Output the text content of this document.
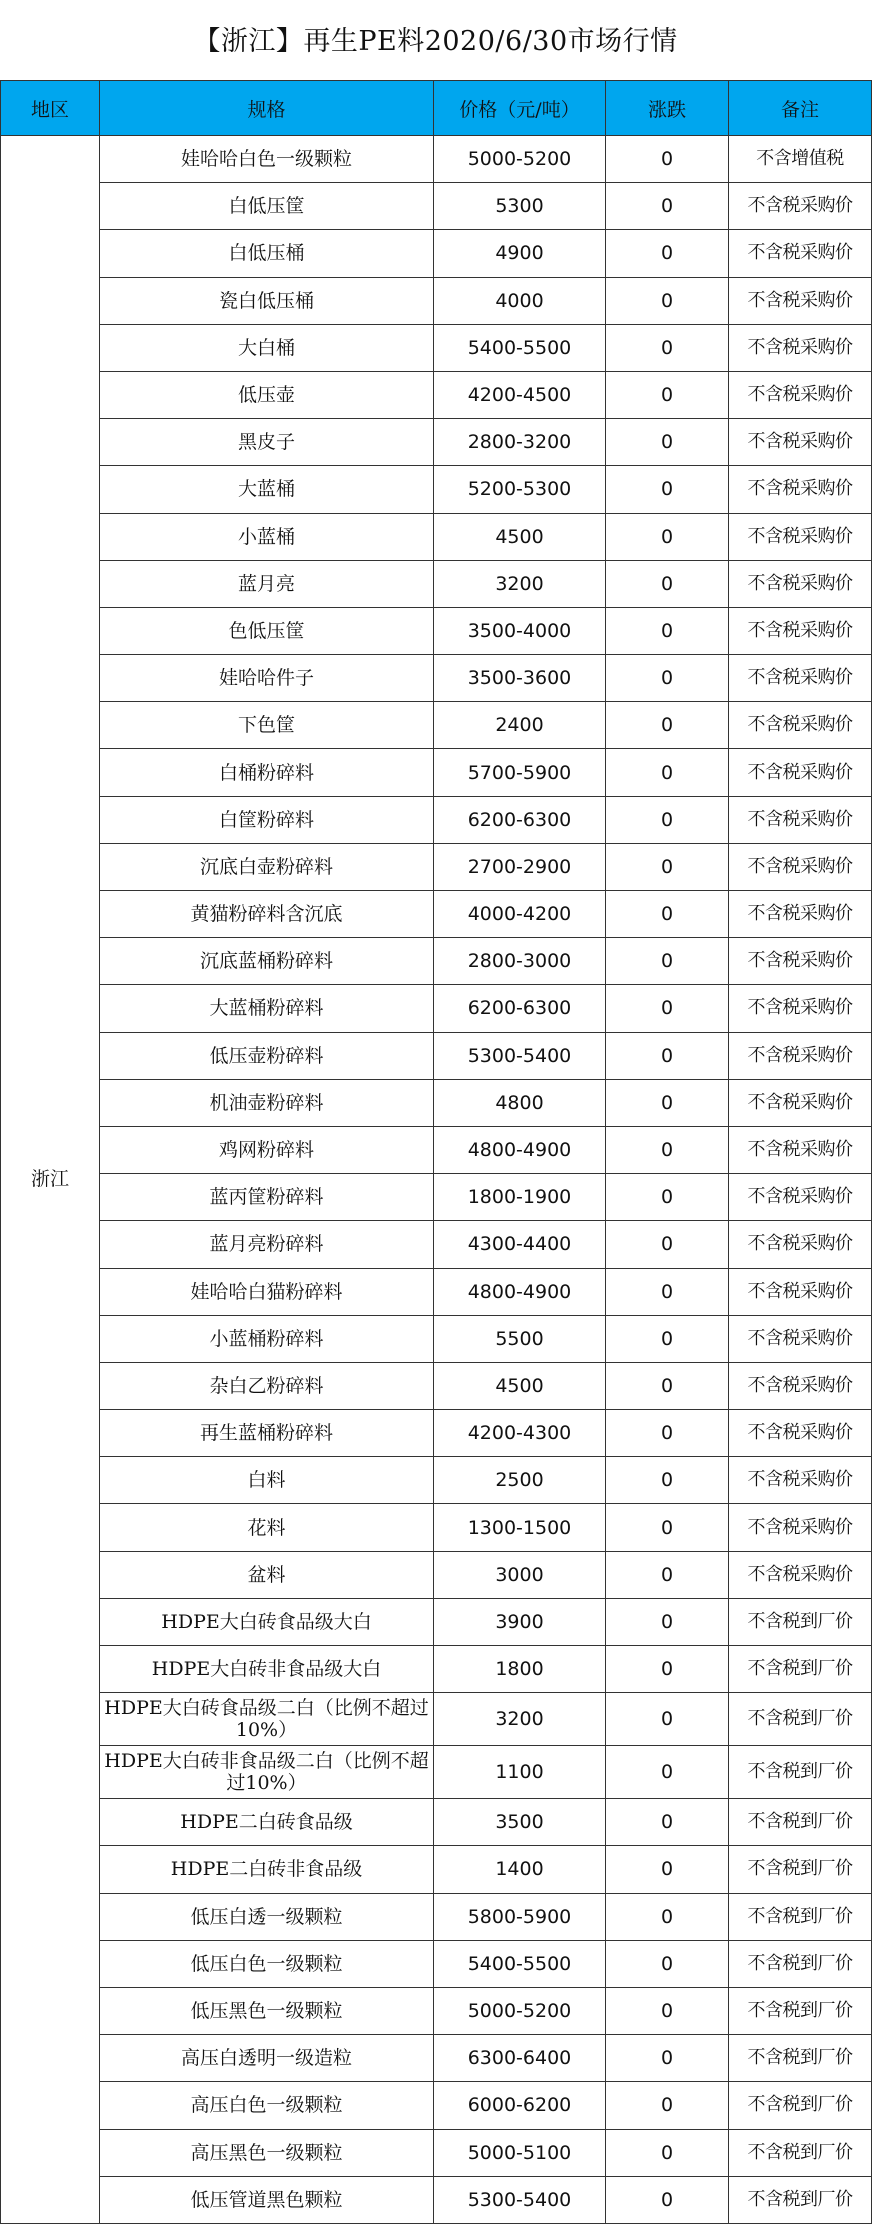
【浙江】再生PE料2020/6/30市场行情
地区	规格	价格（元/吨）	涨跌	备注
浙江	娃哈哈白色一级颗粒	5000-5200	0	不含增值税
	白低压筐	5300	0	不含税采购价
	白低压桶	4900	0	不含税采购价
	瓷白低压桶	4000	0	不含税采购价
	大白桶	5400-5500	0	不含税采购价
	低压壶	4200-4500	0	不含税采购价
	黑皮子	2800-3200	0	不含税采购价
	大蓝桶	5200-5300	0	不含税采购价
	小蓝桶	4500	0	不含税采购价
	蓝月亮	3200	0	不含税采购价
	色低压筐	3500-4000	0	不含税采购价
	娃哈哈件子	3500-3600	0	不含税采购价
	下色筐	2400	0	不含税采购价
	白桶粉碎料	5700-5900	0	不含税采购价
	白筐粉碎料	6200-6300	0	不含税采购价
	沉底白壶粉碎料	2700-2900	0	不含税采购价
	黄猫粉碎料含沉底	4000-4200	0	不含税采购价
	沉底蓝桶粉碎料	2800-3000	0	不含税采购价
	大蓝桶粉碎料	6200-6300	0	不含税采购价
	低压壶粉碎料	5300-5400	0	不含税采购价
	机油壶粉碎料	4800	0	不含税采购价
	鸡网粉碎料	4800-4900	0	不含税采购价
	蓝丙筐粉碎料	1800-1900	0	不含税采购价
	蓝月亮粉碎料	4300-4400	0	不含税采购价
	娃哈哈白猫粉碎料	4800-4900	0	不含税采购价
	小蓝桶粉碎料	5500	0	不含税采购价
	杂白乙粉碎料	4500	0	不含税采购价
	再生蓝桶粉碎料	4200-4300	0	不含税采购价
	白料	2500	0	不含税采购价
	花料	1300-1500	0	不含税采购价
	盆料	3000	0	不含税采购价
	HDPE大白砖食品级大白	3900	0	不含税到厂价
	HDPE大白砖非食品级大白	1800	0	不含税到厂价
	HDPE大白砖食品级二白（比例不超过10%）	3200	0	不含税到厂价
	HDPE大白砖非食品级二白（比例不超过10%）	1100	0	不含税到厂价
	HDPE二白砖食品级	3500	0	不含税到厂价
	HDPE二白砖非食品级	1400	0	不含税到厂价
	低压白透一级颗粒	5800-5900	0	不含税到厂价
	低压白色一级颗粒	5400-5500	0	不含税到厂价
	低压黑色一级颗粒	5000-5200	0	不含税到厂价
	高压白透明一级造粒	6300-6400	0	不含税到厂价
	高压白色一级颗粒	6000-6200	0	不含税到厂价
	高压黑色一级颗粒	5000-5100	0	不含税到厂价
	低压管道黑色颗粒	5300-5400	0	不含税到厂价
